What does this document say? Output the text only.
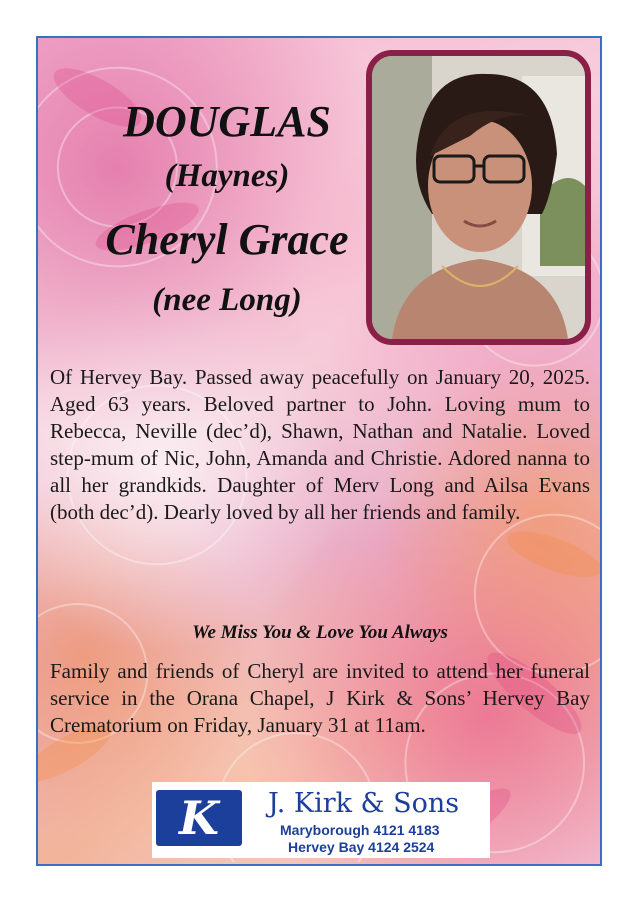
DOUGLAS
(Haynes)
Cheryl Grace
(nee Long)

Of Hervey Bay. Passed away peacefully on January 20, 2025. Aged 63 years. Beloved partner to John. Loving mum to Rebecca, Neville (dec’d), Shawn, Nathan and Natalie. Loved step-mum of Nic, John, Amanda and Christie. Adored nanna to all her grandkids. Daughter of Merv Long and Ailsa Evans (both dec’d). Dearly loved by all her friends and family.

We Miss You & Love You Always

Family and friends of Cheryl are invited to attend her funeral service in the Orana Chapel, J Kirk & Sons’ Hervey Bay Crematorium on Friday, January 31 at 11am.

K	J. Kirk & Sons
Maryborough 4121 4183
Hervey Bay 4124 2524
